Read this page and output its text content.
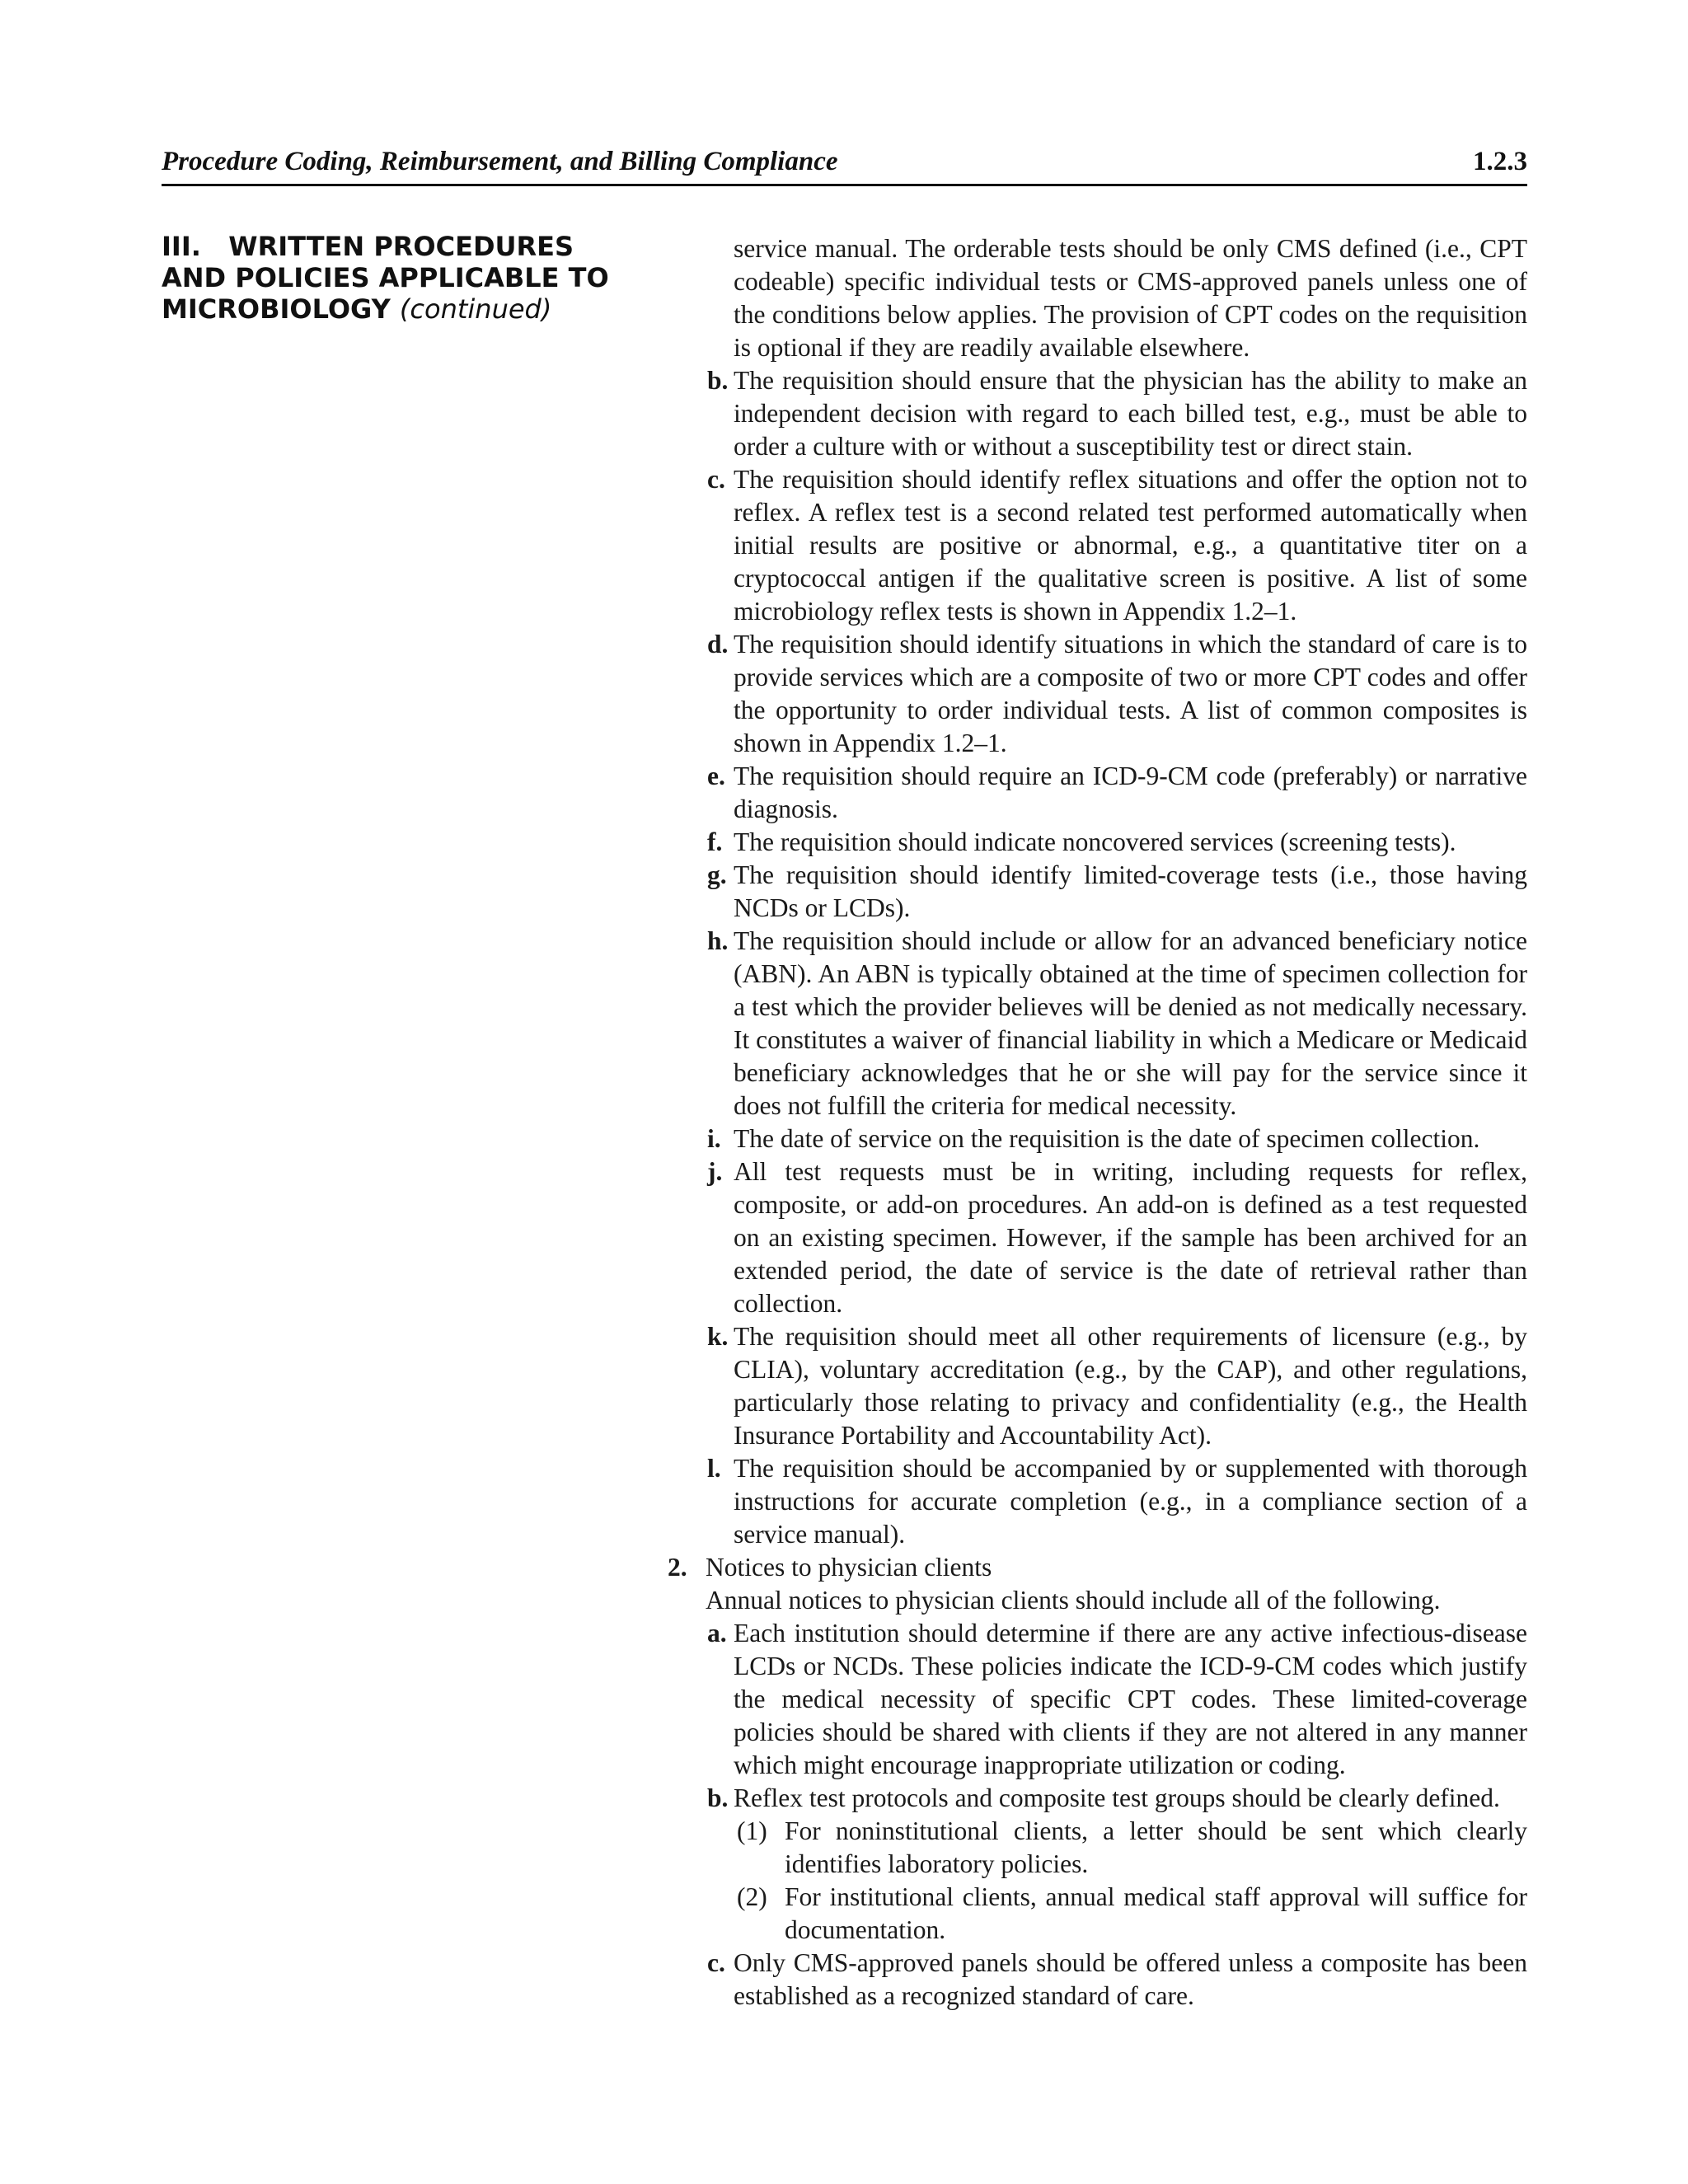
Procedure Coding, Reimbursement, and Billing Compliance	1.2.3
III.   WRITTEN PROCEDURES
AND POLICIES APPLICABLE TO
MICROBIOLOGY (continued)

service manual. The orderable tests should be only CMS defined (i.e., CPT codeable) specific individual tests or CMS-approved panels unless one of the conditions below applies. The provision of CPT codes on the requisition is optional if they are readily available elsewhere.

b. The requisition should ensure that the physician has the ability to make an independent decision with regard to each billed test, e.g., must be able to order a culture with or without a susceptibility test or direct stain.
c. The requisition should identify reflex situations and offer the option not to reflex. A reflex test is a second related test performed automatically when initial results are positive or abnormal, e.g., a quantitative titer on a cryptococcal antigen if the qualitative screen is positive. A list of some microbiology reflex tests is shown in Appendix 1.2–1.
d. The requisition should identify situations in which the standard of care is to provide services which are a composite of two or more CPT codes and offer the opportunity to order individual tests. A list of common composites is shown in Appendix 1.2–1.
e. The requisition should require an ICD-9-CM code (preferably) or narrative diagnosis.
f. The requisition should indicate noncovered services (screening tests).
g. The requisition should identify limited-coverage tests (i.e., those having NCDs or LCDs).
h. The requisition should include or allow for an advanced beneficiary notice (ABN). An ABN is typically obtained at the time of specimen collection for a test which the provider believes will be denied as not medically necessary. It constitutes a waiver of financial liability in which a Medicare or Medicaid beneficiary acknowledges that he or she will pay for the service since it does not fulfill the criteria for medical necessity.
i. The date of service on the requisition is the date of specimen collection.
j. All test requests must be in writing, including requests for reflex, composite, or add-on procedures. An add-on is defined as a test requested on an existing specimen. However, if the sample has been archived for an extended period, the date of service is the date of retrieval rather than collection.
k. The requisition should meet all other requirements of licensure (e.g., by CLIA), voluntary accreditation (e.g., by the CAP), and other regulations, particularly those relating to privacy and confidentiality (e.g., the Health Insurance Portability and Accountability Act).
l. The requisition should be accompanied by or supplemented with thorough instructions for accurate completion (e.g., in a compliance section of a service manual).
2. Notices to physician clients
Annual notices to physician clients should include all of the following.
a. Each institution should determine if there are any active infectious-disease LCDs or NCDs. These policies indicate the ICD-9-CM codes which justify the medical necessity of specific CPT codes. These limited-coverage policies should be shared with clients if they are not altered in any manner which might encourage inappropriate utilization or coding.
b. Reflex test protocols and composite test groups should be clearly defined.
(1) For noninstitutional clients, a letter should be sent which clearly identifies laboratory policies.
(2) For institutional clients, annual medical staff approval will suffice for documentation.
c. Only CMS-approved panels should be offered unless a composite has been established as a recognized standard of care.
